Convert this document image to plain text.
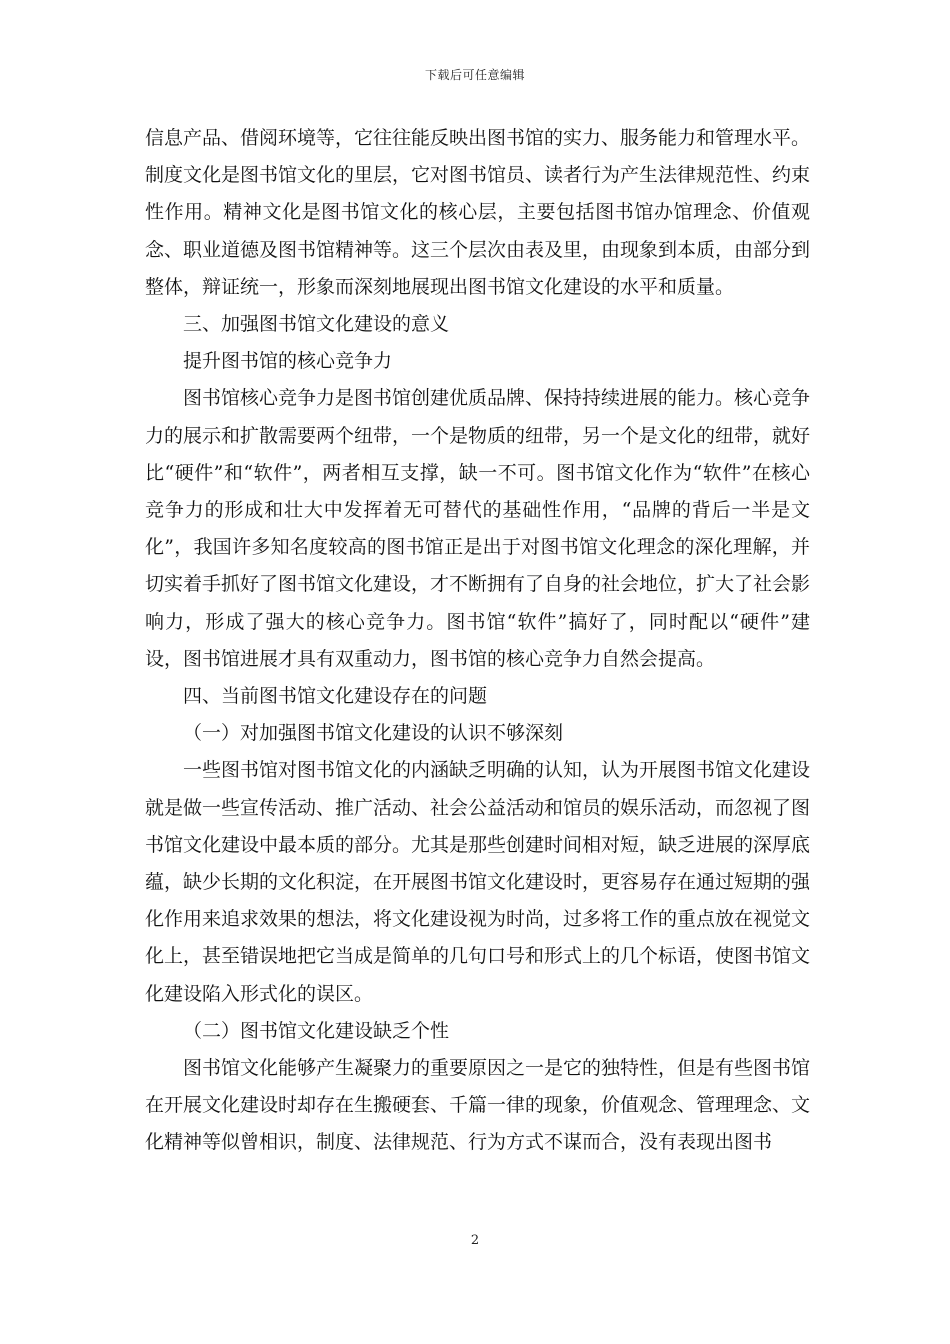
下载后可任意编辑

信息产品、借阅环境等，它往往能反映出图书馆的实力、服务能力和管理水平。制度文化是图书馆文化的里层，它对图书馆员、读者行为产生法律规范性、约束性作用。精神文化是图书馆文化的核心层，主要包括图书馆办馆理念、价值观念、职业道德及图书馆精神等。这三个层次由表及里，由现象到本质，由部分到整体，辩证统一，形象而深刻地展现出图书馆文化建设的水平和质量。

三、加强图书馆文化建设的意义

提升图书馆的核心竞争力

图书馆核心竞争力是图书馆创建优质品牌、保持持续进展的能力。核心竞争力的展示和扩散需要两个纽带，一个是物质的纽带，另一个是文化的纽带，就好比“硬件”和“软件”，两者相互支撑，缺一不可。图书馆文化作为“软件”在核心竞争力的形成和壮大中发挥着无可替代的基础性作用，“品牌的背后一半是文化”，我国许多知名度较高的图书馆正是出于对图书馆文化理念的深化理解，并切实着手抓好了图书馆文化建设，才不断拥有了自身的社会地位，扩大了社会影响力，形成了强大的核心竞争力。图书馆“软件”搞好了，同时配以“硬件”建设，图书馆进展才具有双重动力，图书馆的核心竞争力自然会提高。

四、当前图书馆文化建设存在的问题

（一）对加强图书馆文化建设的认识不够深刻

一些图书馆对图书馆文化的内涵缺乏明确的认知，认为开展图书馆文化建设就是做一些宣传活动、推广活动、社会公益活动和馆员的娱乐活动，而忽视了图书馆文化建设中最本质的部分。尤其是那些创建时间相对短，缺乏进展的深厚底蕴，缺少长期的文化积淀，在开展图书馆文化建设时，更容易存在通过短期的强化作用来追求效果的想法，将文化建设视为时尚，过多将工作的重点放在视觉文化上，甚至错误地把它当成是简单的几句口号和形式上的几个标语，使图书馆文化建设陷入形式化的误区。

（二）图书馆文化建设缺乏个性

图书馆文化能够产生凝聚力的重要原因之一是它的独特性，但是有些图书馆在开展文化建设时却存在生搬硬套、千篇一律的现象，价值观念、管理理念、文化精神等似曾相识，制度、法律规范、行为方式不谋而合，没有表现出图书

2
